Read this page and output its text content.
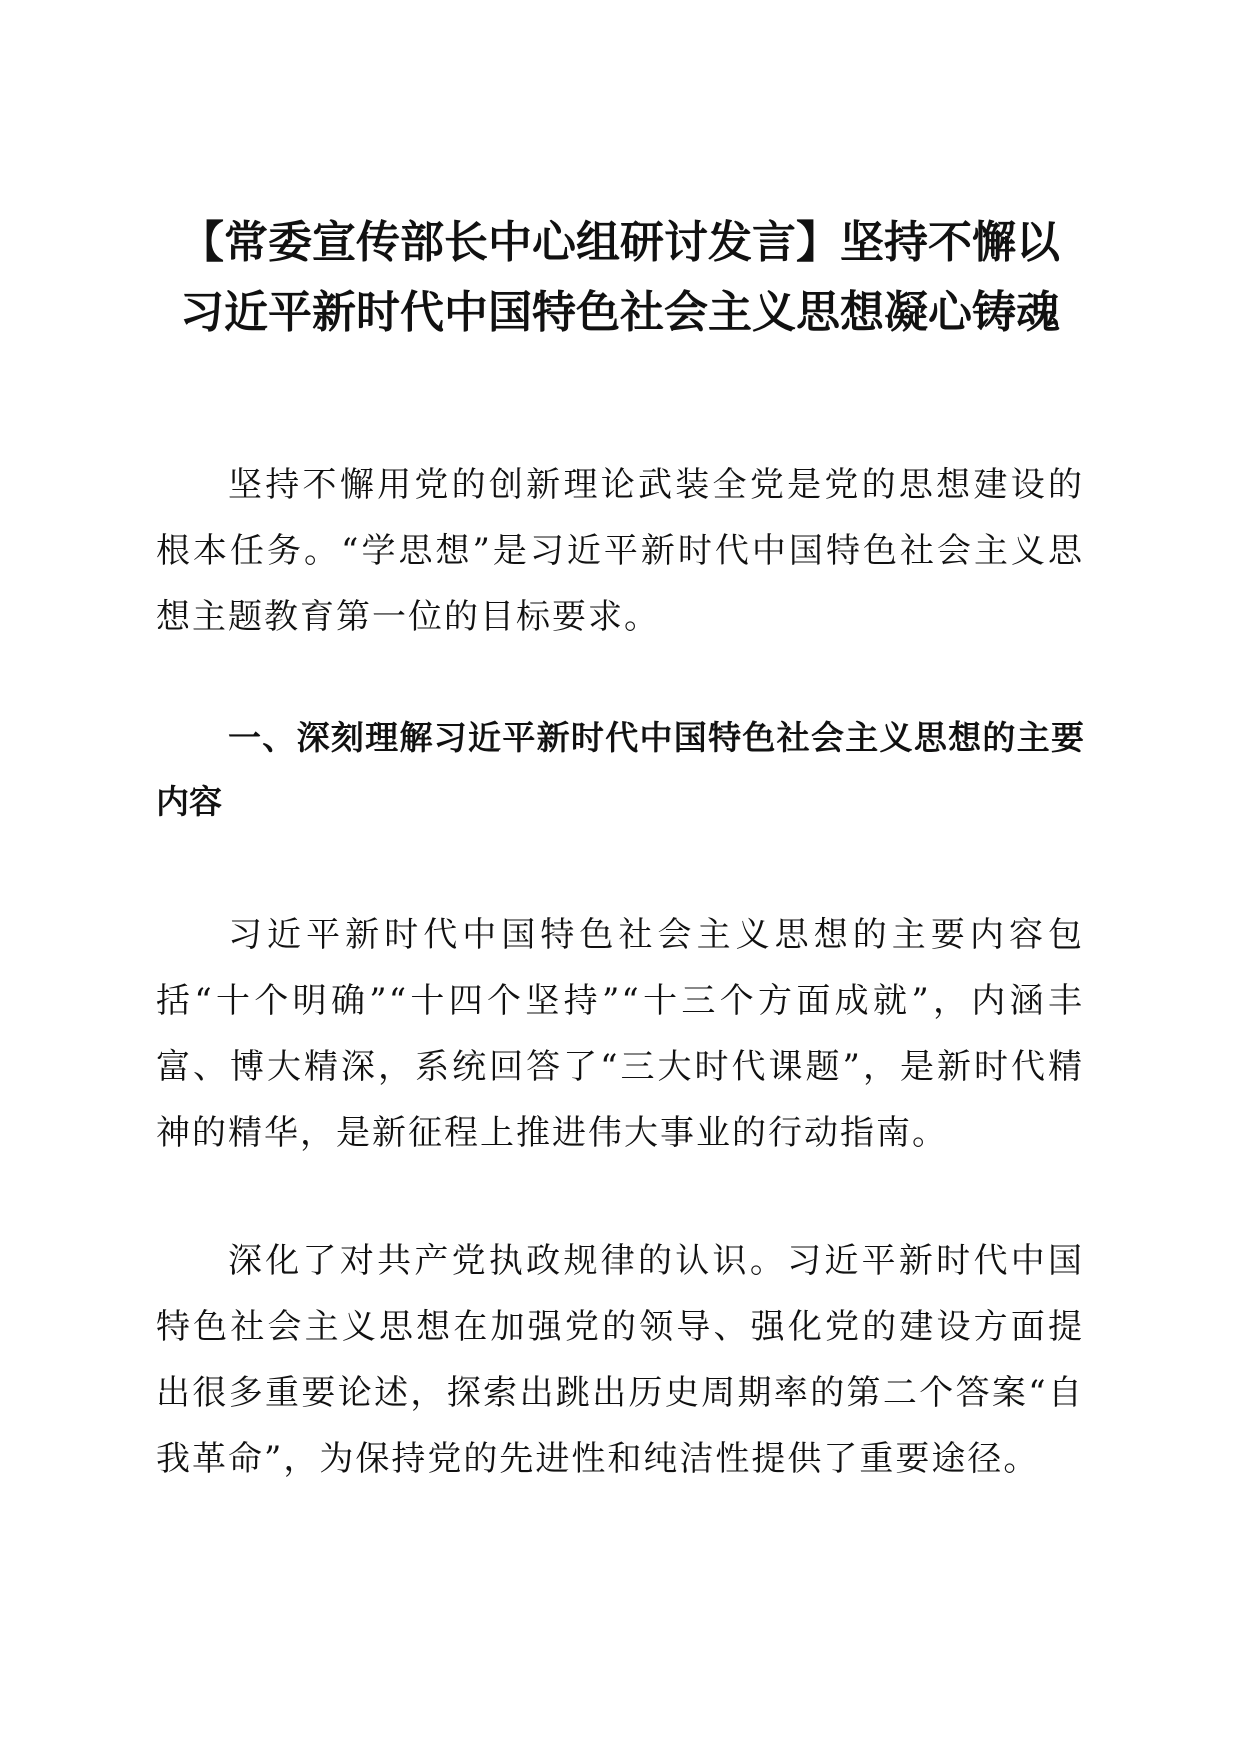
【常委宣传部长中心组研讨发言】坚持不懈以
习近平新时代中国特色社会主义思想凝心铸魂

坚持不懈用党的创新理论武装全党是党的思想建设的根本任务。“学思想”是习近平新时代中国特色社会主义思想主题教育第一位的目标要求。

一、深刻理解习近平新时代中国特色社会主义思想的主要内容

习近平新时代中国特色社会主义思想的主要内容包括“十个明确”“十四个坚持”“十三个方面成就”，内涵丰富、博大精深，系统回答了“三大时代课题”，是新时代精神的精华，是新征程上推进伟大事业的行动指南。

深化了对共产党执政规律的认识。习近平新时代中国特色社会主义思想在加强党的领导、强化党的建设方面提出很多重要论述，探索出跳出历史周期率的第二个答案“自我革命”，为保持党的先进性和纯洁性提供了重要途径。
